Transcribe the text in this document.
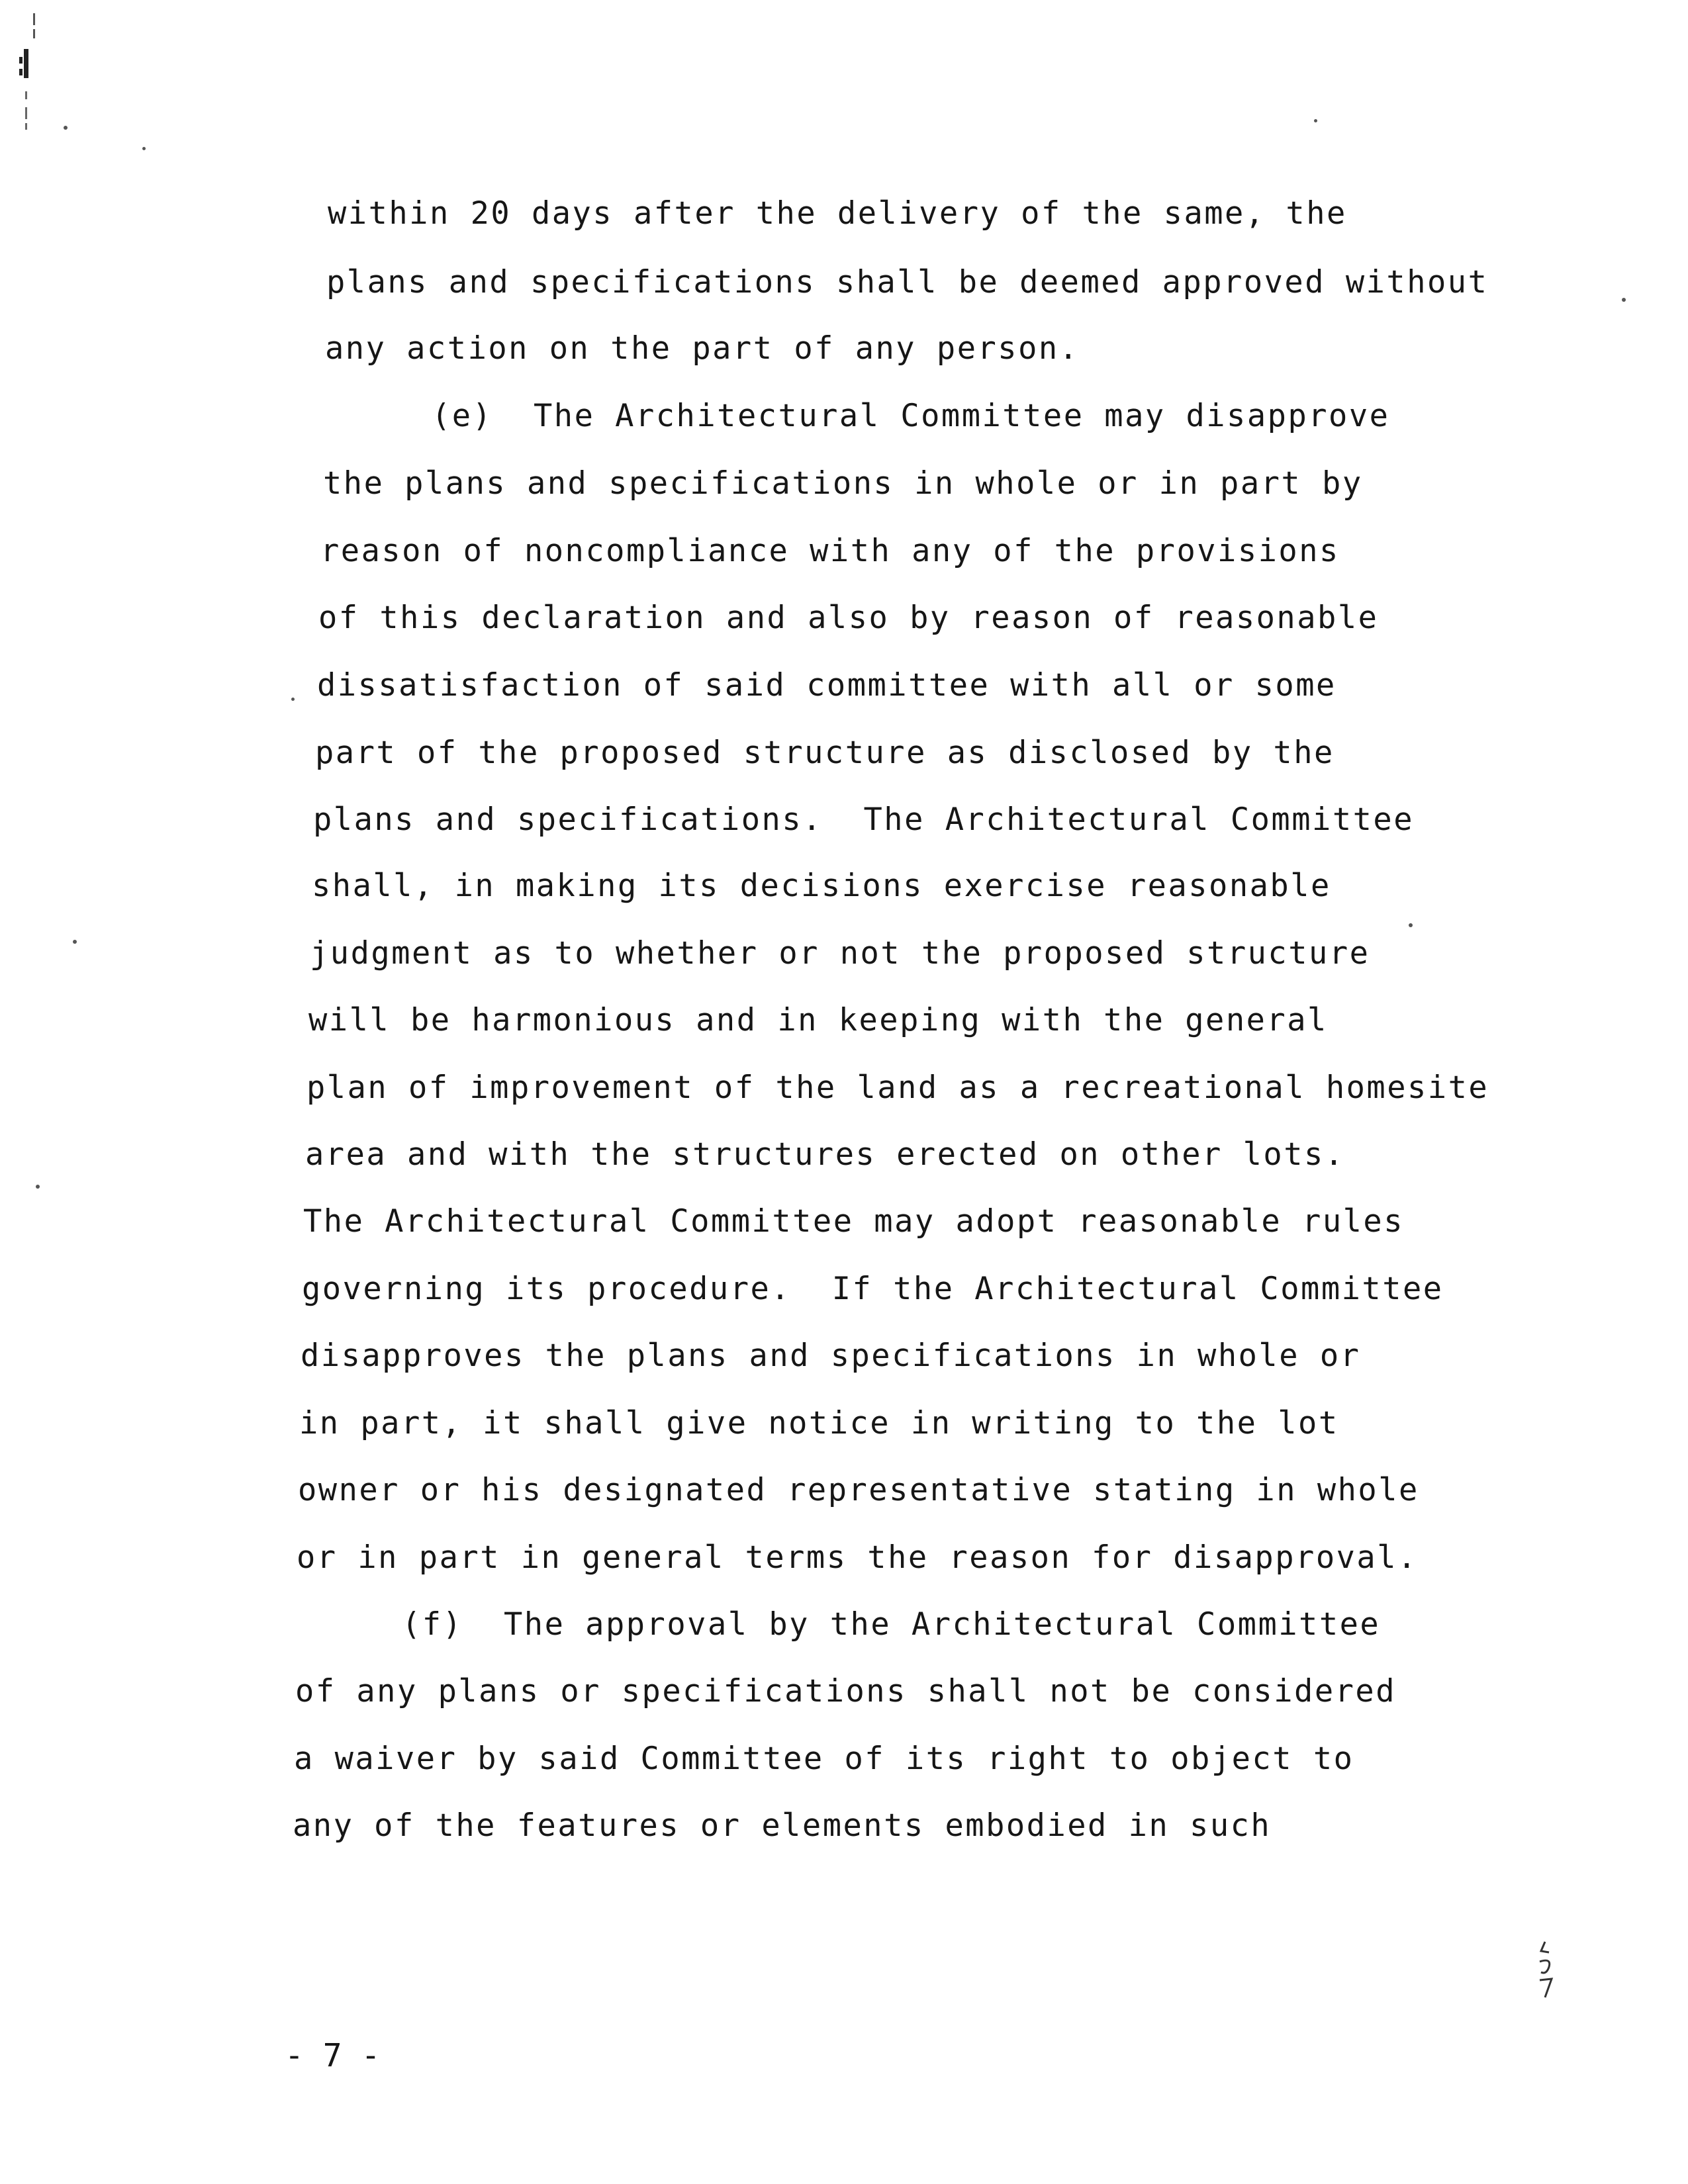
within 20 days after the delivery of the same, the
plans and specifications shall be deemed approved without
any action on the part of any person.
(e)  The Architectural Committee may disapprove
the plans and specifications in whole or in part by
reason of noncompliance with any of the provisions
of this declaration and also by reason of reasonable
dissatisfaction of said committee with all or some
part of the proposed structure as disclosed by the
plans and specifications.  The Architectural Committee
shall, in making its decisions exercise reasonable
judgment as to whether or not the proposed structure
will be harmonious and in keeping with the general
plan of improvement of the land as a recreational homesite
area and with the structures erected on other lots.
The Architectural Committee may adopt reasonable rules
governing its procedure.  If the Architectural Committee
disapproves the plans and specifications in whole or
in part, it shall give notice in writing to the lot
owner or his designated representative stating in whole
or in part in general terms the reason for disapproval.
(f)  The approval by the Architectural Committee
of any plans or specifications shall not be considered
a waiver by said Committee of its right to object to
any of the features or elements embodied in such
- 7 -
